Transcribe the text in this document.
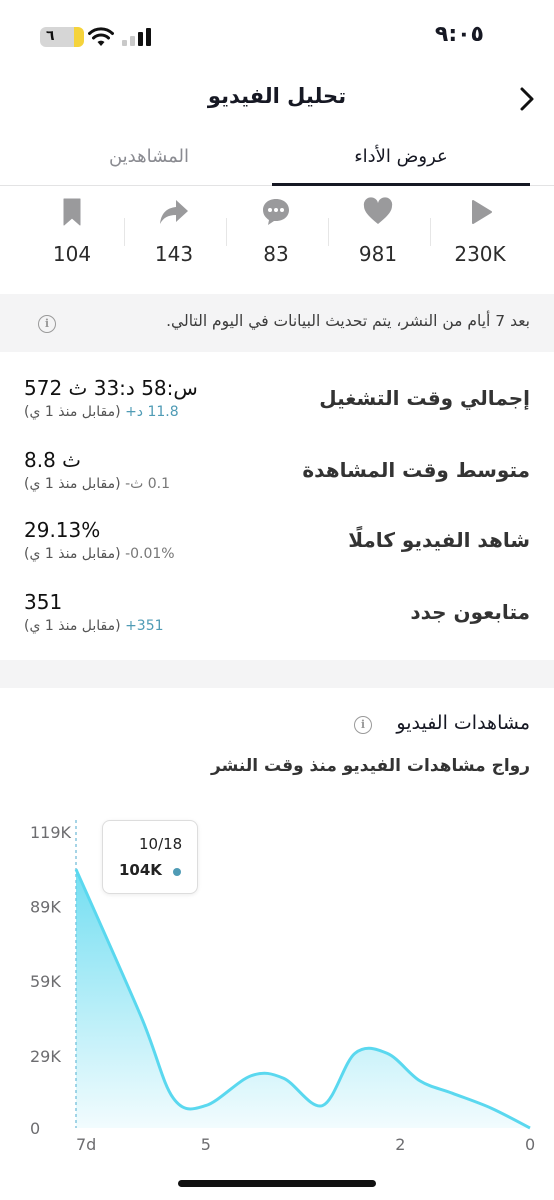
٩:٠٥
٦
تحليل الفيديو
عروض الأداء
المشاهدين
230K
981
83
143
104
بعد 7 أيام من النشر، يتم تحديث البيانات في اليوم التالي.
i
إجمالي وقت التشغيل
572 س:58 د:33 ث
(مقابل منذ 1 ي) +11.8 د
متوسط وقت المشاهدة
8.8 ث
(مقابل منذ 1 ي) -0.1 ث
شاهد الفيديو كاملًا
29.13%
(مقابل منذ 1 ي) -0.01%
متابعون جدد
351
(مقابل منذ 1 ي) +351
مشاهدات الفيديو
i
رواج مشاهدات الفيديو منذ وقت النشر
0
29K
59K
89K
119K
7d	5	2	0
10/18
104K
